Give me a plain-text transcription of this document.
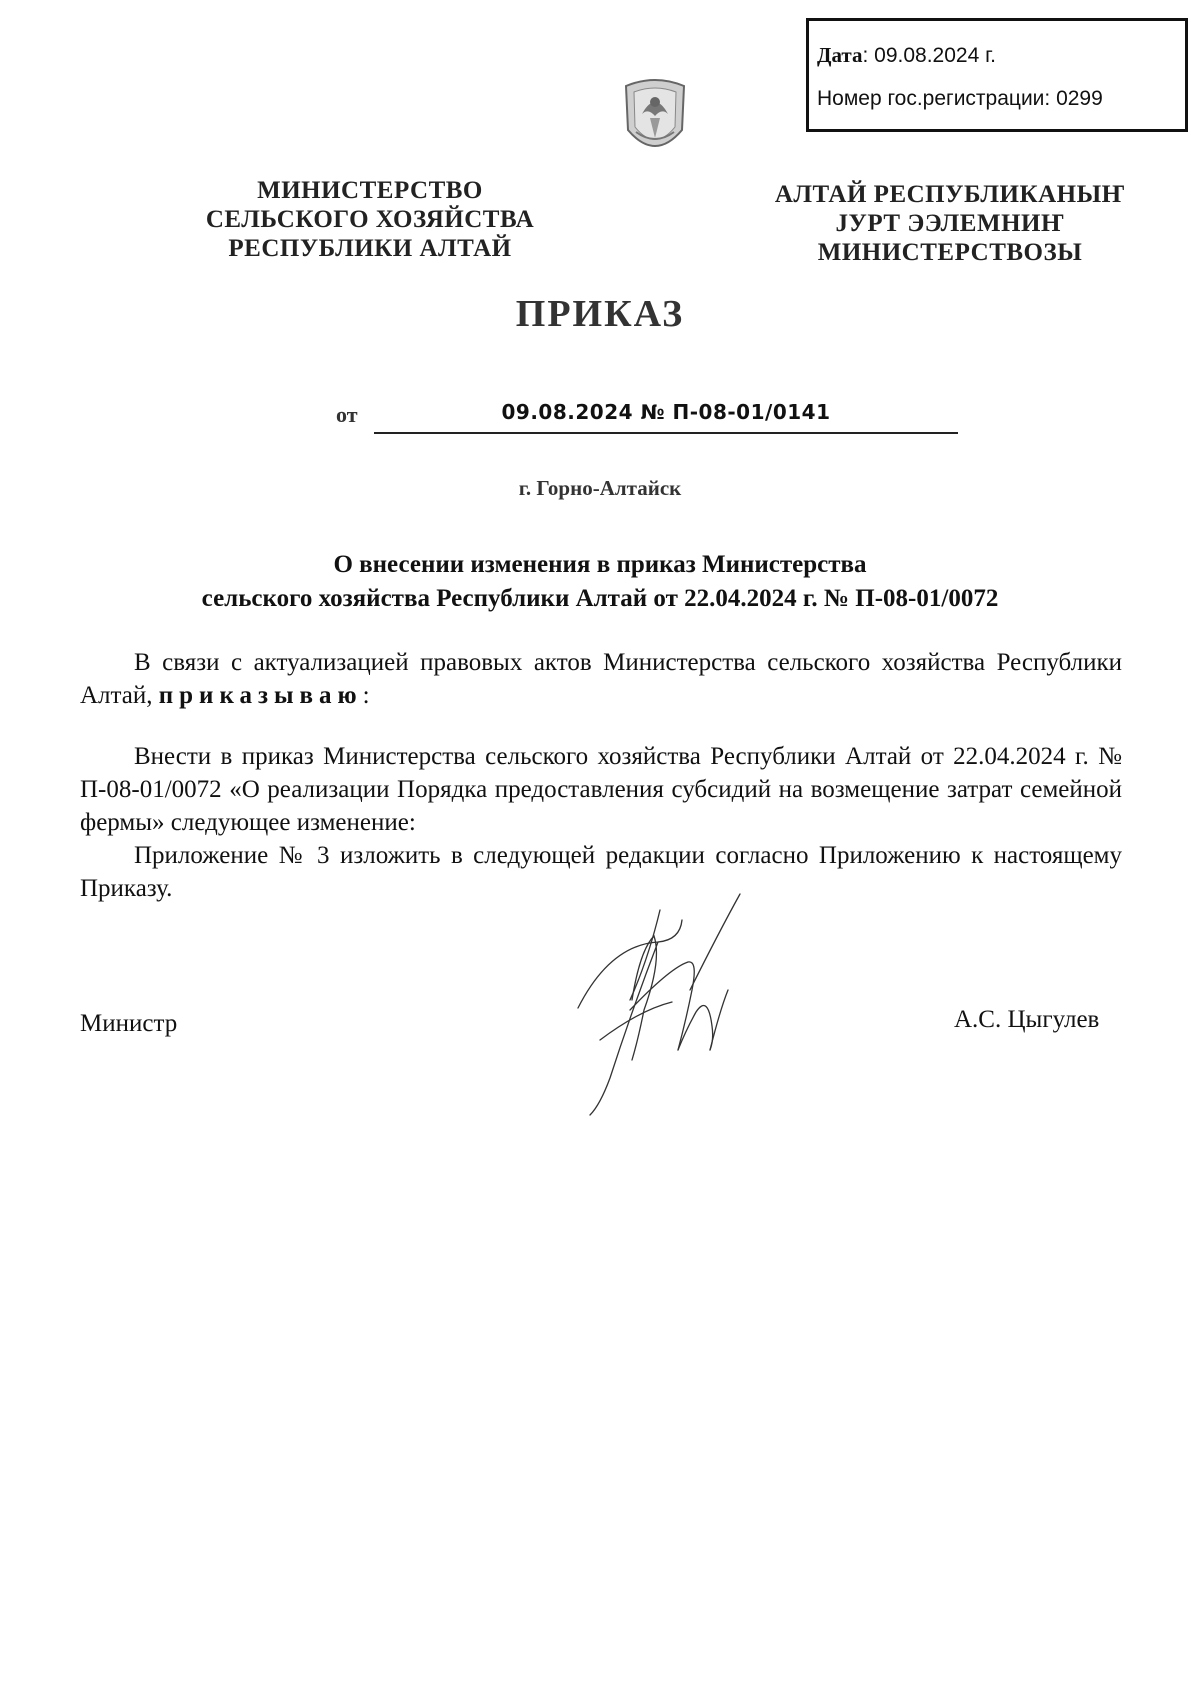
Дата: 09.08.2024 г.
Номер гос.регистрации: 0299
МИНИСТЕРСТВО
СЕЛЬСКОГО ХОЗЯЙСТВА
РЕСПУБЛИКИ АЛТАЙ
АЛТАЙ РЕСПУБЛИКАНЫҤ
ЈУРТ ЭЭЛЕМНИҤ
МИНИСТЕРСТВОЗЫ
ПРИКАЗ
от	09.08.2024 № П-08-01/0141
г. Горно-Алтайск
О внесении изменения в приказ Министерства
сельского хозяйства Республики Алтай от 22.04.2024 г. № П-08-01/0072
В связи с актуализацией правовых актов Министерства сельского хозяйства Республики Алтай, приказываю:
Внести в приказ Министерства сельского хозяйства Республики Алтай от 22.04.2024 г. № П-08-01/0072 «О реализации Порядка предоставления субсидий на возмещение затрат семейной фермы» следующее изменение:
Приложение № 3 изложить в следующей редакции согласно Приложению к настоящему Приказу.
Министр	А.С. Цыгулев
